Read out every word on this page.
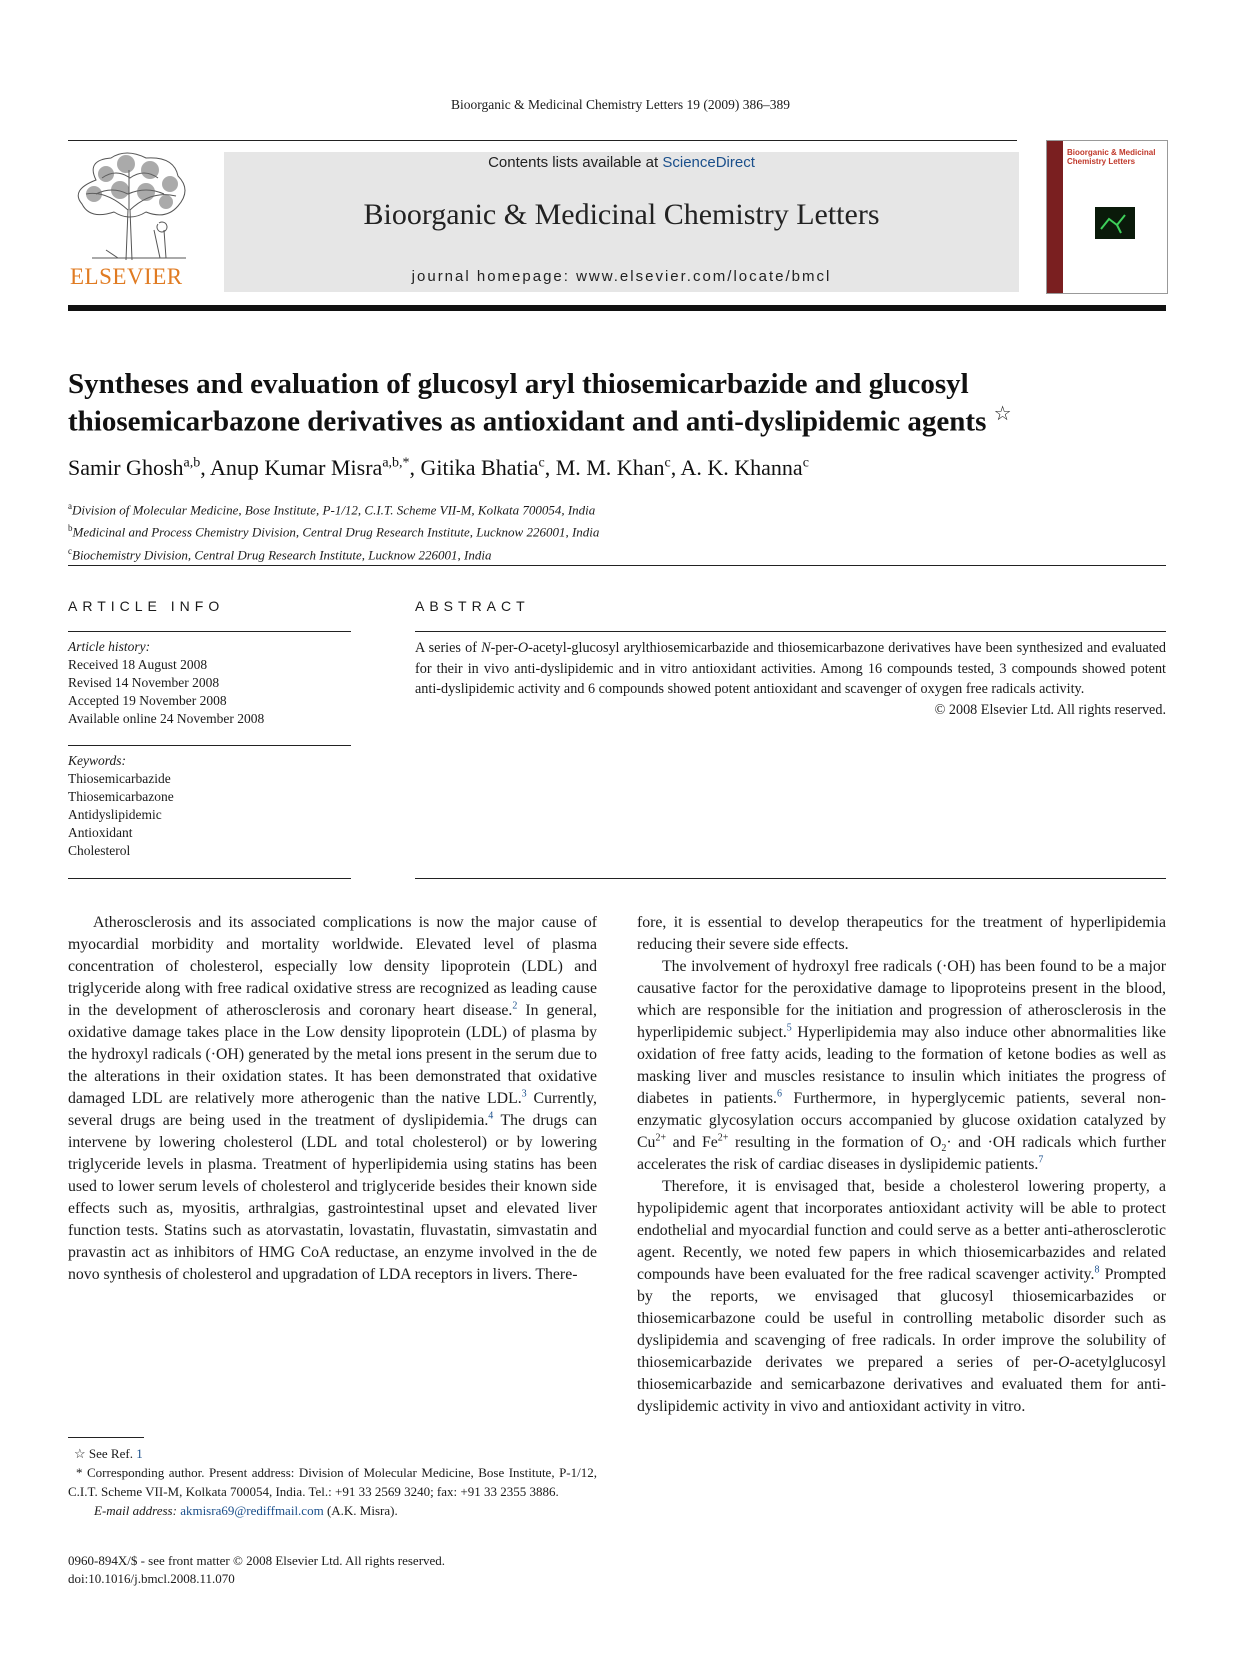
Bioorganic & Medicinal Chemistry Letters 19 (2009) 386–389
ELSEVIER
Contents lists available at ScienceDirect
Bioorganic & Medicinal Chemistry Letters
journal homepage: www.elsevier.com/locate/bmcl
Bioorganic & Medicinal Chemistry Letters
Syntheses and evaluation of glucosyl aryl thiosemicarbazide and glucosyl thiosemicarbazone derivatives as antioxidant and anti-dyslipidemic agents ☆
Samir Ghosh$^{a,b}$, Anup Kumar Misra$^{a,b,*}$, Gitika Bhatia$^c$, M. M. Khan$^c$, A. K. Khanna$^c$
$^a$Division of Molecular Medicine, Bose Institute, P-1/12, C.I.T. Scheme VII-M, Kolkata 700054, India
$^b$Medicinal and Process Chemistry Division, Central Drug Research Institute, Lucknow 226001, India
$^c$Biochemistry Division, Central Drug Research Institute, Lucknow 226001, India
ARTICLE INFO	ABSTRACT
Article history:
Received 18 August 2008
Revised 14 November 2008
Accepted 19 November 2008
Available online 24 November 2008
Keywords:
Thiosemicarbazide
Thiosemicarbazone
Antidyslipidemic
Antioxidant
Cholesterol
A series of N-per-O-acetyl-glucosyl arylthiosemicarbazide and thiosemicarbazone derivatives have been synthesized and evaluated for their in vivo anti-dyslipidemic and in vitro antioxidant activities. Among 16 compounds tested, 3 compounds showed potent anti-dyslipidemic activity and 6 compounds showed potent antioxidant and scavenger of oxygen free radicals activity.
© 2008 Elsevier Ltd. All rights reserved.

Atherosclerosis and its associated complications is now the major cause of myocardial morbidity and mortality worldwide. Elevated level of plasma concentration of cholesterol, especially low density lipoprotein (LDL) and triglyceride along with free radical oxidative stress are recognized as leading cause in the development of atherosclerosis and coronary heart disease.$^2$ In general, oxidative damage takes place in the Low density lipoprotein (LDL) of plasma by the hydroxyl radicals (·OH) generated by the metal ions present in the serum due to the alterations in their oxidation states. It has been demonstrated that oxidative damaged LDL are relatively more atherogenic than the native LDL.$^3$ Currently, several drugs are being used in the treatment of dyslipidemia.$^4$ The drugs can intervene by lowering cholesterol (LDL and total cholesterol) or by lowering triglyceride levels in plasma. Treatment of hyperlipidemia using statins has been used to lower serum levels of cholesterol and triglyceride besides their known side effects such as, myositis, arthralgias, gastrointestinal upset and elevated liver function tests. Statins such as atorvastatin, lovastatin, fluvastatin, simvastatin and pravastin act as inhibitors of HMG CoA reductase, an enzyme involved in the de novo synthesis of cholesterol and upgradation of LDA receptors in livers. There-

fore, it is essential to develop therapeutics for the treatment of hyperlipidemia reducing their severe side effects.

The involvement of hydroxyl free radicals (·OH) has been found to be a major causative factor for the peroxidative damage to lipoproteins present in the blood, which are responsible for the initiation and progression of atherosclerosis in the hyperlipidemic subject.$^5$ Hyperlipidemia may also induce other abnormalities like oxidation of free fatty acids, leading to the formation of ketone bodies as well as masking liver and muscles resistance to insulin which initiates the progress of diabetes in patients.$^6$ Furthermore, in hyperglycemic patients, several non-enzymatic glycosylation occurs accompanied by glucose oxidation catalyzed by $Cu^{2+}$ and $Fe^{2+}$ resulting in the formation of $O_2\cdot$ and ·OH radicals which further accelerates the risk of cardiac diseases in dyslipidemic patients.$^7$

Therefore, it is envisaged that, beside a cholesterol lowering property, a hypolipidemic agent that incorporates antioxidant activity will be able to protect endothelial and myocardial function and could serve as a better anti-atherosclerotic agent. Recently, we noted few papers in which thiosemicarbazides and related compounds have been evaluated for the free radical scavenger activity.$^8$ Prompted by the reports, we envisaged that glucosyl thiosemicarbazides or thiosemicarbazone could be useful in controlling metabolic disorder such as dyslipidemia and scavenging of free radicals. In order improve the solubility of thiosemicarbazide derivates we prepared a series of per-O-acetylglucosyl thiosemicarbazide and semicarbazone derivatives and evaluated them for anti-dyslipidemic activity in vivo and antioxidant activity in vitro.

☆ See Ref. 1
* Corresponding author. Present address: Division of Molecular Medicine, Bose Institute, P-1/12, C.I.T. Scheme VII-M, Kolkata 700054, India. Tel.: +91 33 2569 3240; fax: +91 33 2355 3886.
E-mail address: akmisra69@rediffmail.com (A.K. Misra).
0960-894X/$ - see front matter © 2008 Elsevier Ltd. All rights reserved.
doi:10.1016/j.bmcl.2008.11.070
